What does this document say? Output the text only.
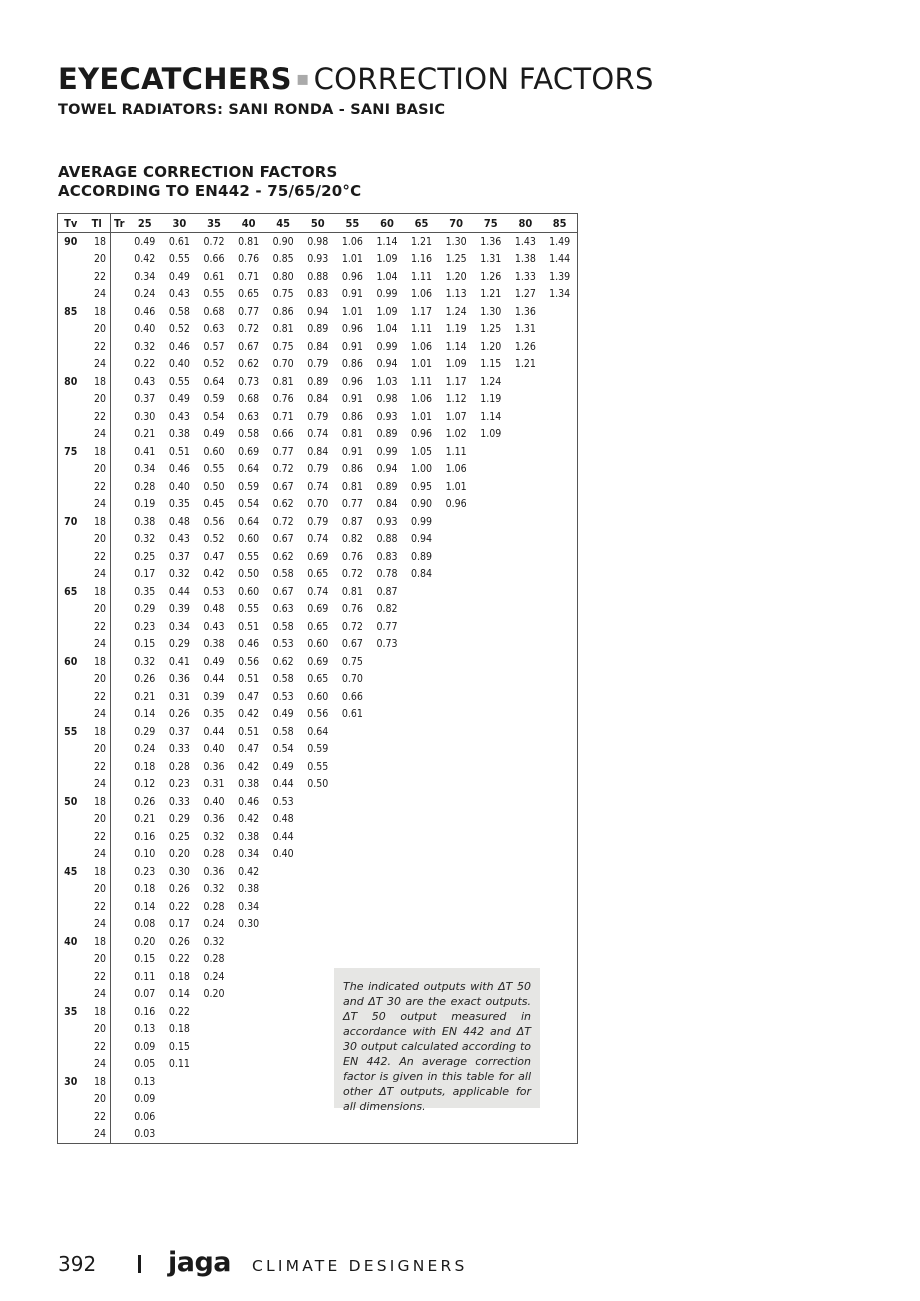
EYECATCHERS ▪ CORRECTION FACTORS
TOWEL RADIATORS: SANI RONDA - SANI BASIC
AVERAGE CORRECTION FACTORS
ACCORDING TO EN442 - 75/65/20°C
Tv	Tl	Tr	25	30	35	40	45	50	55	60	65	70	75	80	85
90	18		0.49	0.61	0.72	0.81	0.90	0.98	1.06	1.14	1.21	1.30	1.36	1.43	1.49
	20		0.42	0.55	0.66	0.76	0.85	0.93	1.01	1.09	1.16	1.25	1.31	1.38	1.44
	22		0.34	0.49	0.61	0.71	0.80	0.88	0.96	1.04	1.11	1.20	1.26	1.33	1.39
	24		0.24	0.43	0.55	0.65	0.75	0.83	0.91	0.99	1.06	1.13	1.21	1.27	1.34
85	18		0.46	0.58	0.68	0.77	0.86	0.94	1.01	1.09	1.17	1.24	1.30	1.36	
	20		0.40	0.52	0.63	0.72	0.81	0.89	0.96	1.04	1.11	1.19	1.25	1.31	
	22		0.32	0.46	0.57	0.67	0.75	0.84	0.91	0.99	1.06	1.14	1.20	1.26	
	24		0.22	0.40	0.52	0.62	0.70	0.79	0.86	0.94	1.01	1.09	1.15	1.21	
80	18		0.43	0.55	0.64	0.73	0.81	0.89	0.96	1.03	1.11	1.17	1.24		
	20		0.37	0.49	0.59	0.68	0.76	0.84	0.91	0.98	1.06	1.12	1.19		
	22		0.30	0.43	0.54	0.63	0.71	0.79	0.86	0.93	1.01	1.07	1.14		
	24		0.21	0.38	0.49	0.58	0.66	0.74	0.81	0.89	0.96	1.02	1.09		
75	18		0.41	0.51	0.60	0.69	0.77	0.84	0.91	0.99	1.05	1.11			
	20		0.34	0.46	0.55	0.64	0.72	0.79	0.86	0.94	1.00	1.06			
	22		0.28	0.40	0.50	0.59	0.67	0.74	0.81	0.89	0.95	1.01			
	24		0.19	0.35	0.45	0.54	0.62	0.70	0.77	0.84	0.90	0.96			
70	18		0.38	0.48	0.56	0.64	0.72	0.79	0.87	0.93	0.99				
	20		0.32	0.43	0.52	0.60	0.67	0.74	0.82	0.88	0.94				
	22		0.25	0.37	0.47	0.55	0.62	0.69	0.76	0.83	0.89				
	24		0.17	0.32	0.42	0.50	0.58	0.65	0.72	0.78	0.84				
65	18		0.35	0.44	0.53	0.60	0.67	0.74	0.81	0.87					
	20		0.29	0.39	0.48	0.55	0.63	0.69	0.76	0.82					
	22		0.23	0.34	0.43	0.51	0.58	0.65	0.72	0.77					
	24		0.15	0.29	0.38	0.46	0.53	0.60	0.67	0.73					
60	18		0.32	0.41	0.49	0.56	0.62	0.69	0.75						
	20		0.26	0.36	0.44	0.51	0.58	0.65	0.70						
	22		0.21	0.31	0.39	0.47	0.53	0.60	0.66						
	24		0.14	0.26	0.35	0.42	0.49	0.56	0.61						
55	18		0.29	0.37	0.44	0.51	0.58	0.64							
	20		0.24	0.33	0.40	0.47	0.54	0.59							
	22		0.18	0.28	0.36	0.42	0.49	0.55							
	24		0.12	0.23	0.31	0.38	0.44	0.50							
50	18		0.26	0.33	0.40	0.46	0.53								
	20		0.21	0.29	0.36	0.42	0.48								
	22		0.16	0.25	0.32	0.38	0.44								
	24		0.10	0.20	0.28	0.34	0.40								
45	18		0.23	0.30	0.36	0.42									
	20		0.18	0.26	0.32	0.38									
	22		0.14	0.22	0.28	0.34									
	24		0.08	0.17	0.24	0.30									
40	18		0.20	0.26	0.32										
	20		0.15	0.22	0.28										
	22		0.11	0.18	0.24										
	24		0.07	0.14	0.20										
35	18		0.16	0.22											
	20		0.13	0.18											
	22		0.09	0.15											
	24		0.05	0.11											
30	18		0.13												
	20		0.09												
	22		0.06												
	24		0.03												
The indicated outputs with ΔT 50 and ΔT 30 are the exact outputs. ΔT 50 output measured in accordance with EN 442 and ΔT 30 output calculated according to EN 442. An average correction factor is given in this table for all other ΔT outputs, applicable for all dimensions.
392	jaga CLIMATE DESIGNERS
